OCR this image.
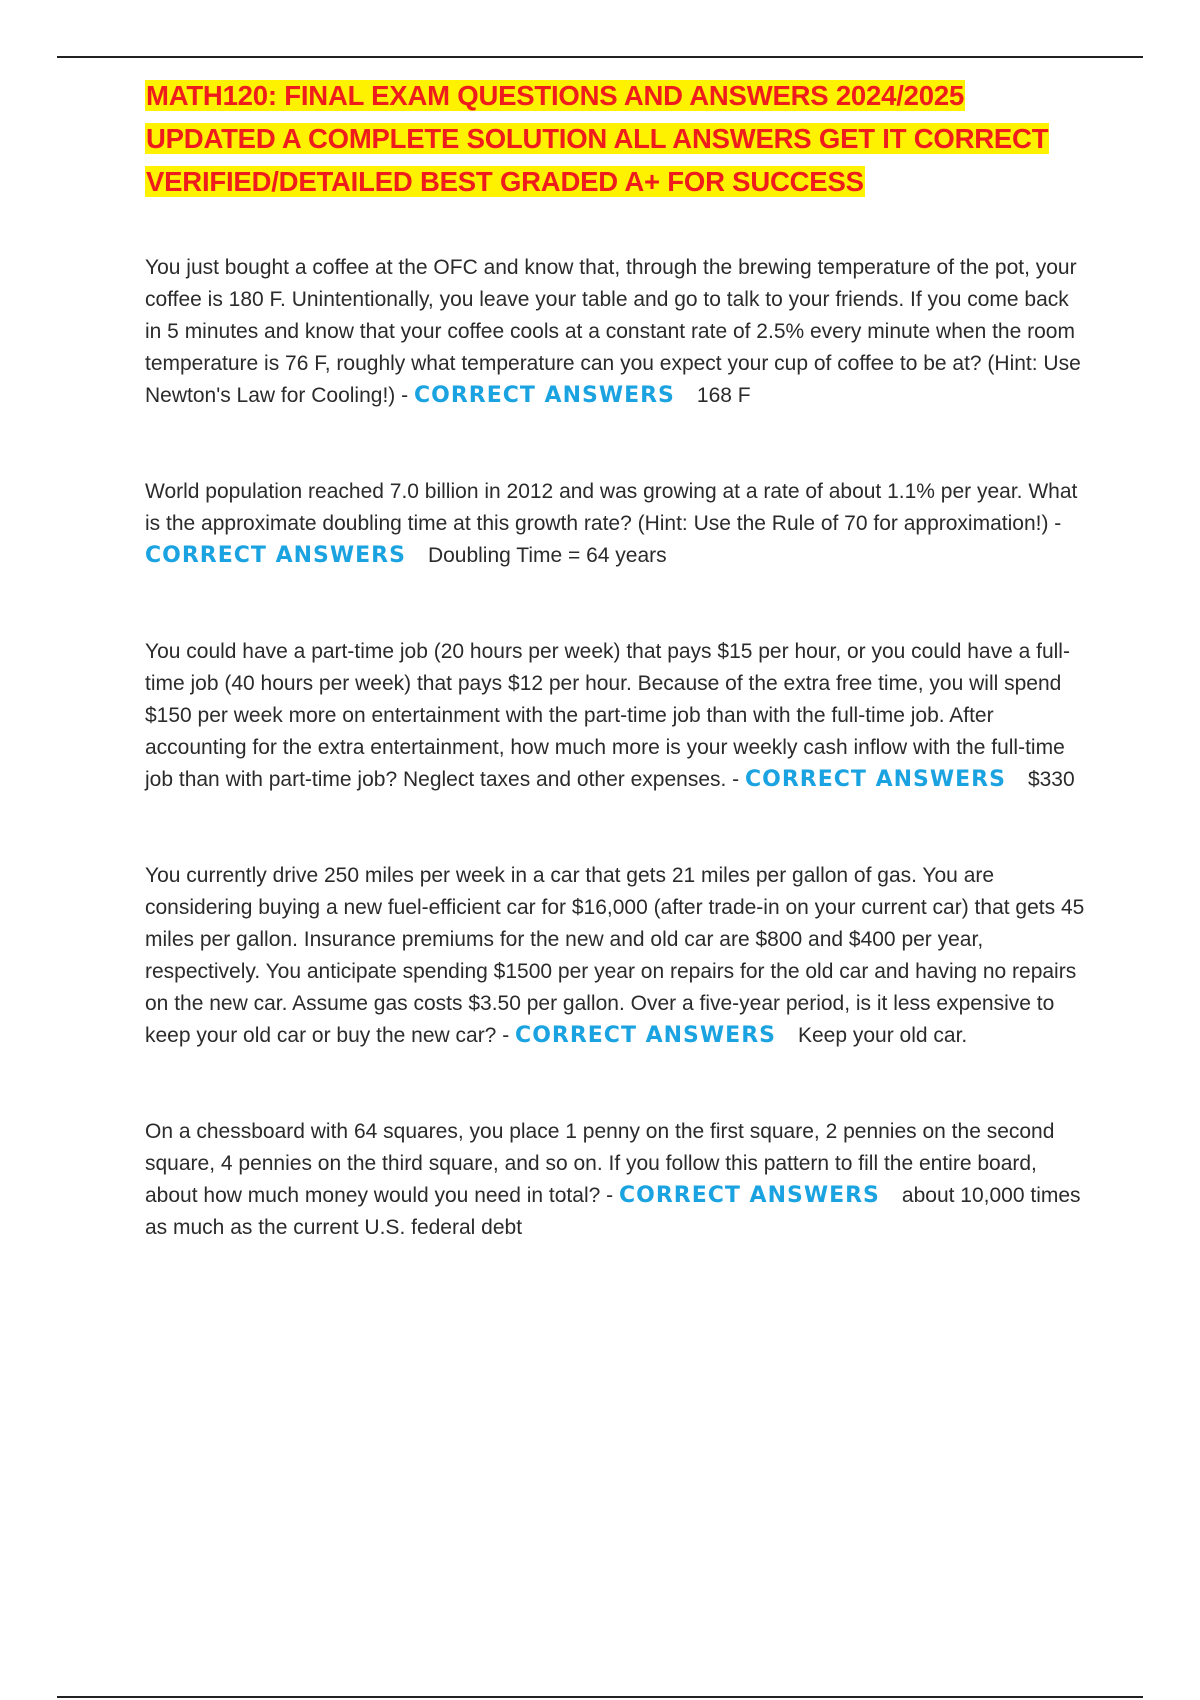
MATH120: FINAL EXAM QUESTIONS AND ANSWERS 2024/2025 UPDATED A COMPLETE SOLUTION ALL ANSWERS GET IT CORRECT VERIFIED/DETAILED BEST GRADED A+ FOR SUCCESS

You just bought a coffee at the OFC and know that, through the brewing temperature of the pot, your coffee is 180 F. Unintentionally, you leave your table and go to talk to your friends. If you come back in 5 minutes and know that your coffee cools at a constant rate of 2.5% every minute when the room temperature is 76 F, roughly what temperature can you expect your cup of coffee to be at? (Hint: Use Newton's Law for Cooling!) - CORRECT ANSWERS 168 F

World population reached 7.0 billion in 2012 and was growing at a rate of about 1.1% per year. What is the approximate doubling time at this growth rate? (Hint: Use the Rule of 70 for approximation!) - CORRECT ANSWERS Doubling Time = 64 years

You could have a part-time job (20 hours per week) that pays $15 per hour, or you could have a full-time job (40 hours per week) that pays $12 per hour. Because of the extra free time, you will spend $150 per week more on entertainment with the part-time job than with the full-time job. After accounting for the extra entertainment, how much more is your weekly cash inflow with the full-time job than with part-time job? Neglect taxes and other expenses. - CORRECT ANSWERS $330

You currently drive 250 miles per week in a car that gets 21 miles per gallon of gas. You are considering buying a new fuel-efficient car for $16,000 (after trade-in on your current car) that gets 45 miles per gallon. Insurance premiums for the new and old car are $800 and $400 per year, respectively. You anticipate spending $1500 per year on repairs for the old car and having no repairs on the new car. Assume gas costs $3.50 per gallon. Over a five-year period, is it less expensive to keep your old car or buy the new car? - CORRECT ANSWERS Keep your old car.

On a chessboard with 64 squares, you place 1 penny on the first square, 2 pennies on the second square, 4 pennies on the third square, and so on. If you follow this pattern to fill the entire board, about how much money would you need in total? - CORRECT ANSWERS about 10,000 times as much as the current U.S. federal debt
